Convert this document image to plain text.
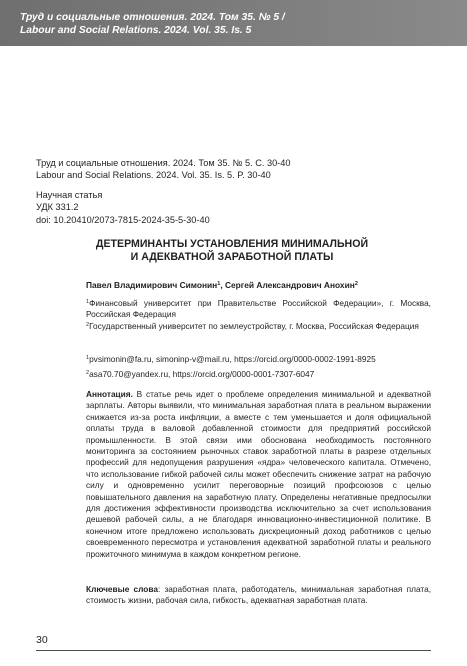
Труд и социальные отношения. 2024. Том 35. № 5 /
Labour and Social Relations. 2024. Vol. 35. Is. 5
Труд и социальные отношения. 2024. Том 35. № 5. С. 30-40
Labour and Social Relations. 2024. Vol. 35. Is. 5. P. 30-40
Научная статья
УДК 331.2
doi: 10.20410/2073-7815-2024-35-5-30-40
ДЕТЕРМИНАНТЫ УСТАНОВЛЕНИЯ МИНИМАЛЬНОЙ
И АДЕКВАТНОЙ ЗАРАБОТНОЙ ПЛАТЫ
Павел Владимирович Симонин$^1$, Сергей Александрович Анохин$^2$
$^1$Финансовый университет при Правительстве Российской Федерации», г. Москва, Российская Федерация
$^2$Государственный университет по землеустройству, г. Москва, Российская Федерация
$^1$pvsimonin@fa.ru, simoninp-v@mail.ru, https://orcid.org/0000-0002-1991-8925
$^2$asa70.70@yandex.ru, https://orcid.org/0000-0001-7307-6047
Аннотация. В статье речь идет о проблеме определения минимальной и адекватной зарплаты. Авторы выявили, что минимальная заработная плата в реальном выражении снижается из-за роста инфляции, а вместе с тем уменьшается и доля официальной оплаты труда в валовой добавленной стоимости для предприятий российской промышленности. В этой связи ими обоснована необходимость постоянного мониторинга за состоянием рыночных ставок заработной платы в разрезе отдельных профессий для недопущения разрушения «ядра» человеческого капитала. Отмечено, что использование гибкой рабочей силы может обеспечить снижение затрат на рабочую силу и одновременно усилит переговорные позиций профсоюзов с целью повышательного давления на заработную плату. Определены негативные предпосылки для достижения эффективности производства исключительно за счет использования дешевой рабочей силы, а не благодаря инновационно-инвестиционной политике. В конечном итоге предложено использовать дискреционный доход работников с целью своевременного пересмотра и установления адекватной заработной платы и реального прожиточного минимума в каждом конкретном регионе.
Ключевые слова: заработная плата, работодатель, минимальная заработная плата, стоимость жизни, рабочая сила, гибкость, адекватная заработная плата.
30
